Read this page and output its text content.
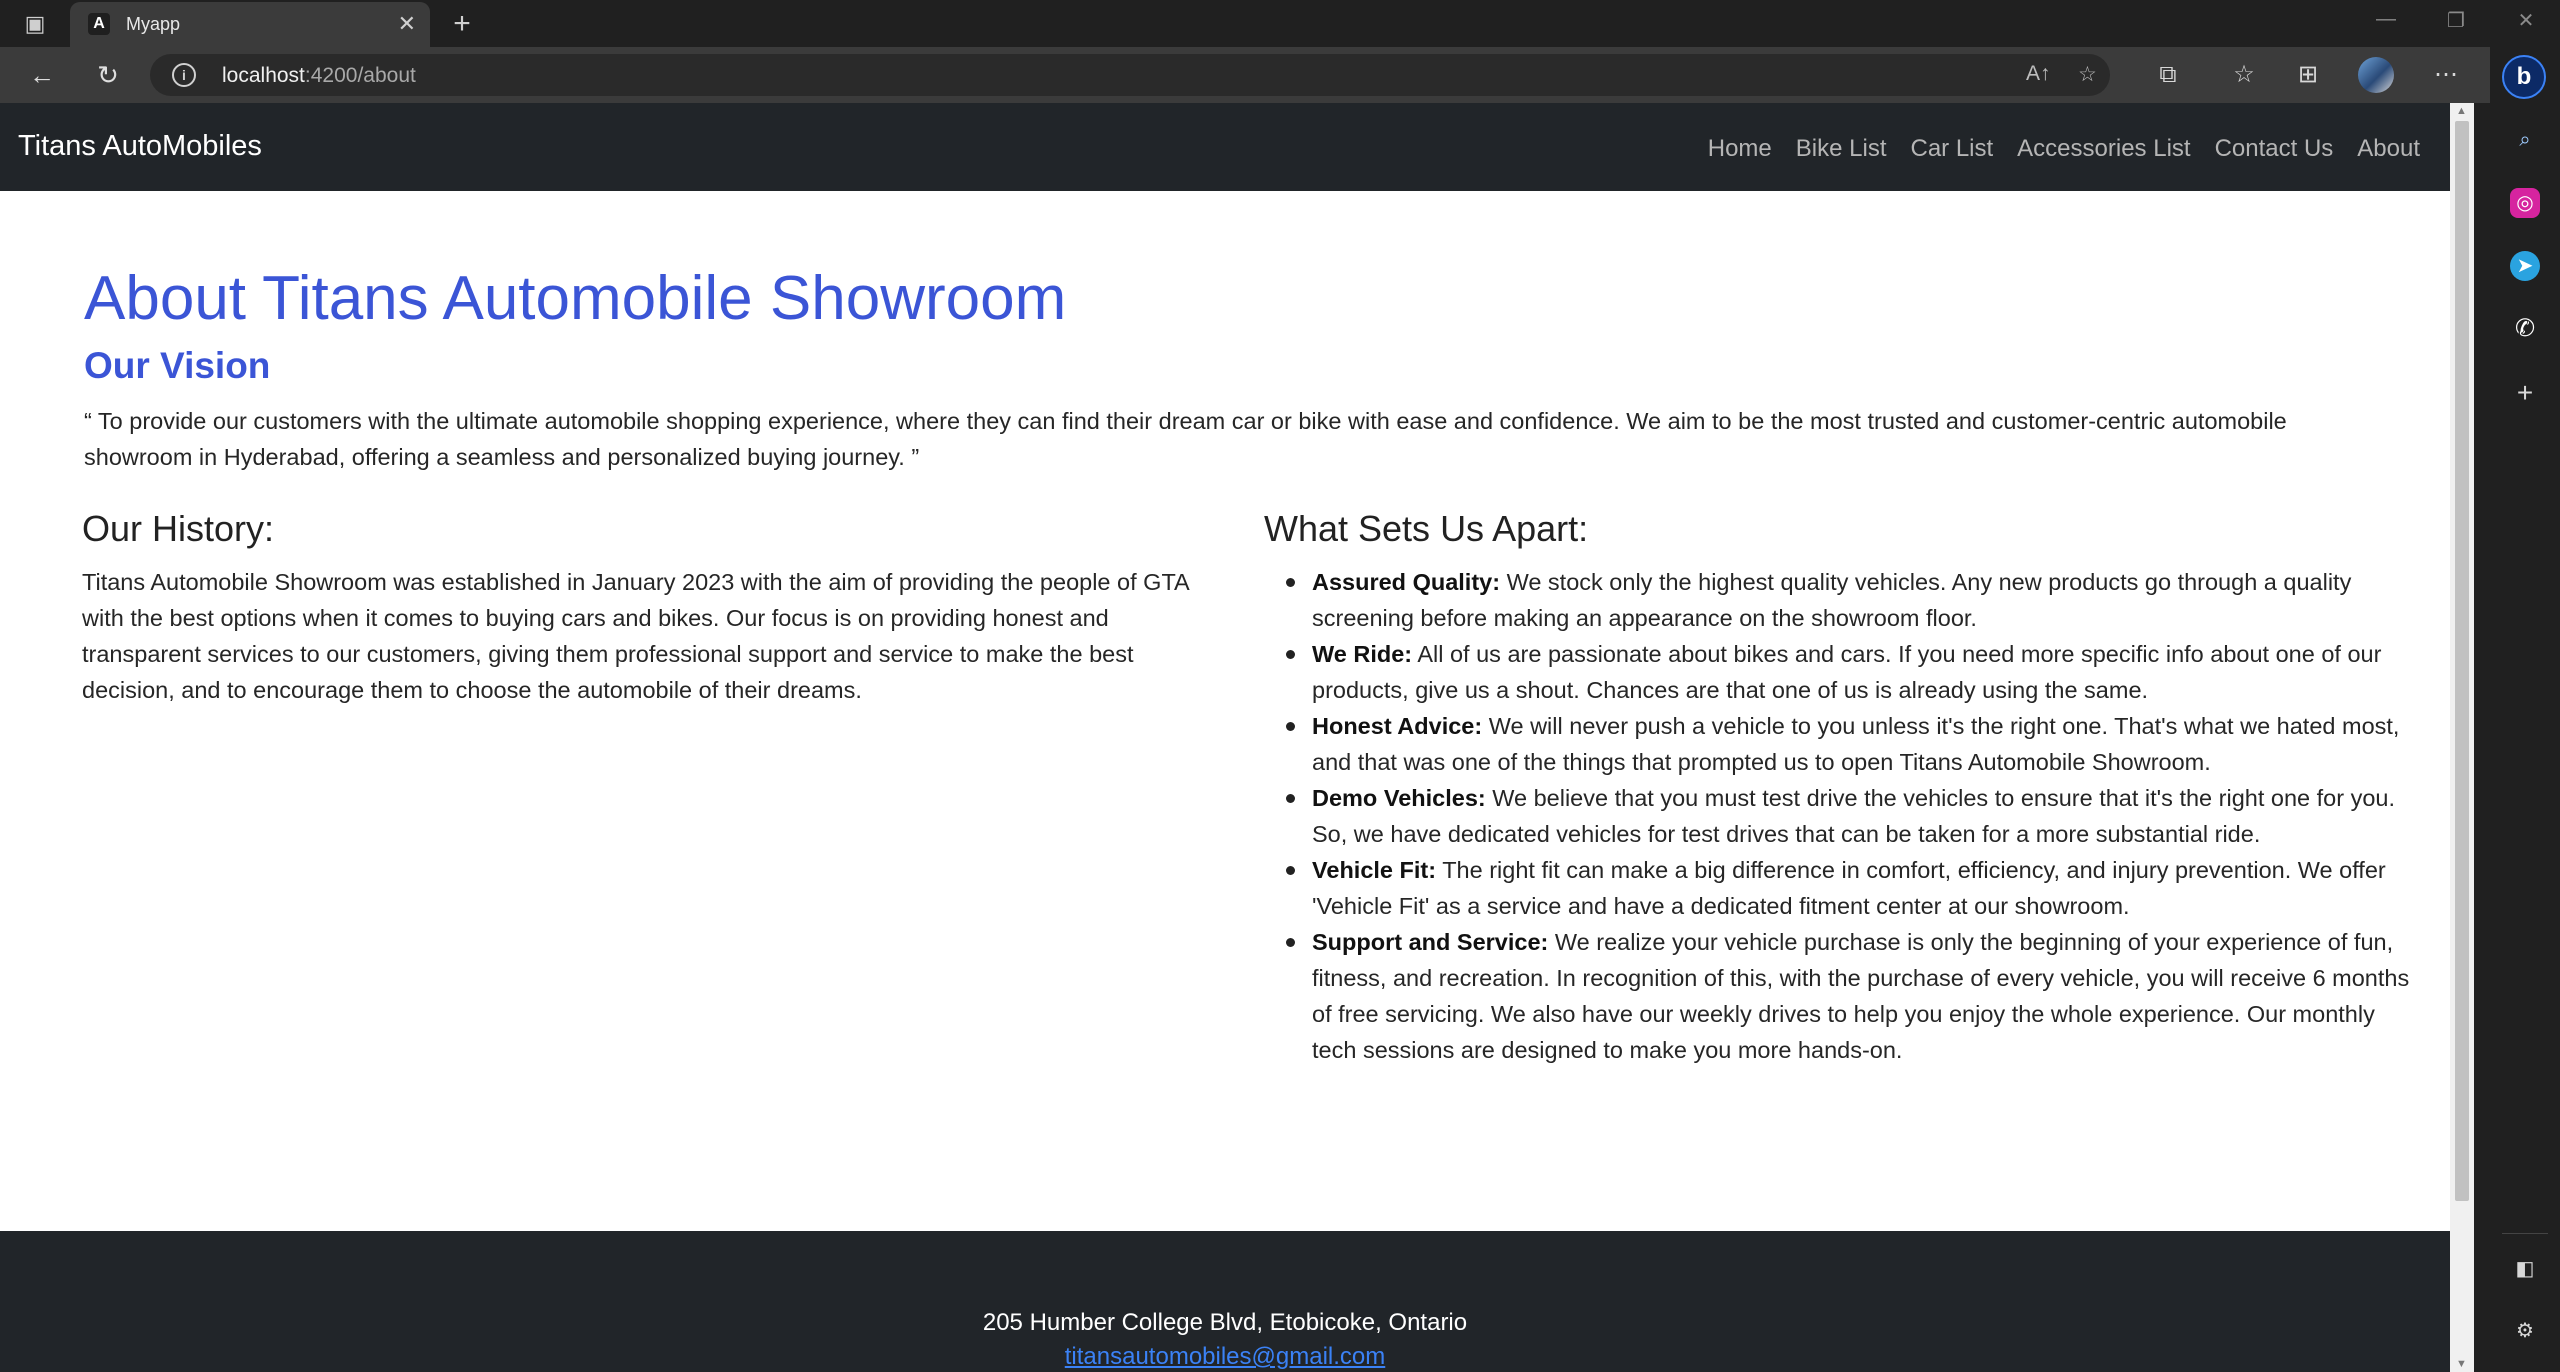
▣	A Myapp	✕	+	—	❐	✕
← ↻	i	localhost:4200/about	A↑ ☆	⧉	☆	⊞	⋯	b
⌕
◎
➤
✆
+
◧
⚙
Titans AutoMobiles	Home Bike List Car List Accessories List Contact Us About
About Titans Automobile Showroom
Our Vision

“ To provide our customers with the ultimate automobile shopping experience, where they can find their dream car or bike with ease and confidence. We aim to be the most trusted and customer-centric automobile showroom in Hyderabad, offering a seamless and personalized buying journey. ”

Our History:

Titans Automobile Showroom was established in January 2023 with the aim of providing the people of GTA with the best options when it comes to buying cars and bikes. Our focus is on providing honest and transparent services to our customers, giving them professional support and service to make the best decision, and to encourage them to choose the automobile of their dreams.

What Sets Us Apart:
Assured Quality: We stock only the highest quality vehicles. Any new products go through a quality screening before making an appearance on the showroom floor.
We Ride: All of us are passionate about bikes and cars. If you need more specific info about one of our products, give us a shout. Chances are that one of us is already using the same.
Honest Advice: We will never push a vehicle to you unless it's the right one. That's what we hated most, and that was one of the things that prompted us to open Titans Automobile Showroom.
Demo Vehicles: We believe that you must test drive the vehicles to ensure that it's the right one for you. So, we have dedicated vehicles for test drives that can be taken for a more substantial ride.
Vehicle Fit: The right fit can make a big difference in comfort, efficiency, and injury prevention. We offer 'Vehicle Fit' as a service and have a dedicated fitment center at our showroom.
Support and Service: We realize your vehicle purchase is only the beginning of your experience of fun, fitness, and recreation. In recognition of this, with the purchase of every vehicle, you will receive 6 months of free servicing. We also have our weekly drives to help you enjoy the whole experience. Our monthly tech sessions are designed to make you more hands-on.
205 Humber College Blvd, Etobicoke, Ontario
titansautomobiles@gmail.com
▲
▼
